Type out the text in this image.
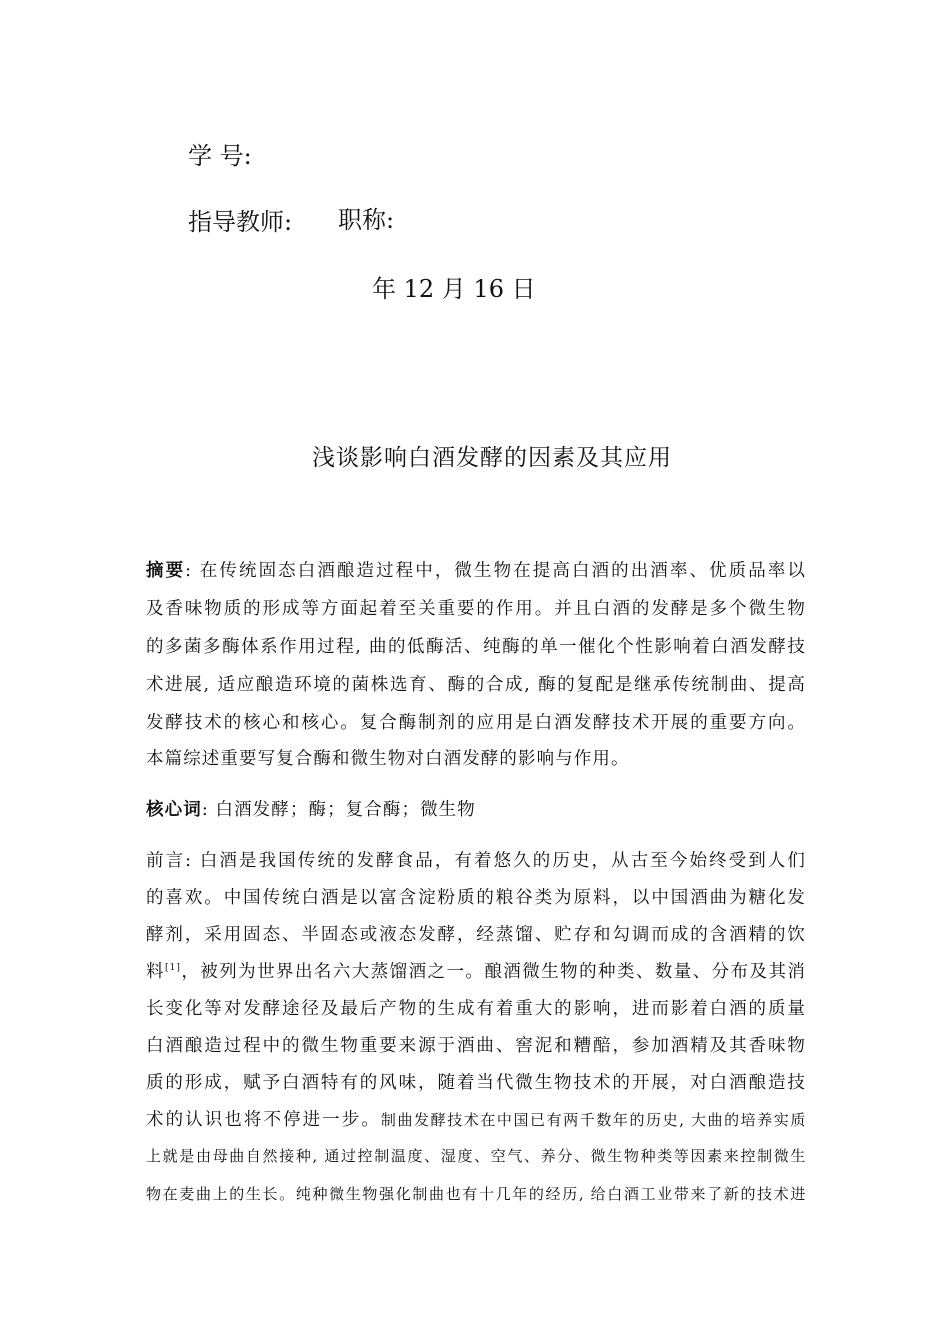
学 号:
指导教师: 职称:
年 12 月 16 日
浅谈影响白酒发酵的因素及其应用
摘要: 在传统固态白酒酿造过程中，微生物在提高白酒的出酒率、优质品率以
及香味物质的形成等方面起着至关重要的作用。并且白酒的发酵是多个微生物
的多菌多酶体系作用过程, 曲的低酶活、纯酶的单一催化个性影响着白酒发酵技
术进展, 适应酿造环境的菌株选育、酶的合成, 酶的复配是继承传统制曲、提高
发酵技术的核心和核心。复合酶制剂的应用是白酒发酵技术开展的重要方向。
本篇综述重要写复合酶和微生物对白酒发酵的影响与作用。
核心词: 白酒发酵；酶；复合酶；微生物
前言: 白酒是我国传统的发酵食品，有着悠久的历史，从古至今始终受到人们
的喜欢。中国传统白酒是以富含淀粉质的粮谷类为原料，以中国酒曲为糖化发
酵剂，采用固态、半固态或液态发酵，经蒸馏、贮存和勾调而成的含酒精的饮
料[1]，被列为世界出名六大蒸馏酒之一。酿酒微生物的种类、数量、分布及其消
长变化等对发酵途径及最后产物的生成有着重大的影响，进而影着白酒的质量
白酒酿造过程中的微生物重要来源于酒曲、窖泥和糟醅，参加酒精及其香味物
质的形成，赋予白酒特有的风味，随着当代微生物技术的开展，对白酒酿造技
术的认识也将不停进一步。制曲发酵技术在中国已有两千数年的历史, 大曲的培养实质
上就是由母曲自然接种, 通过控制温度、湿度、空气、养分、微生物种类等因素来控制微生
物在麦曲上的生长。纯种微生物强化制曲也有十几年的经历, 给白酒工业带来了新的技术进
